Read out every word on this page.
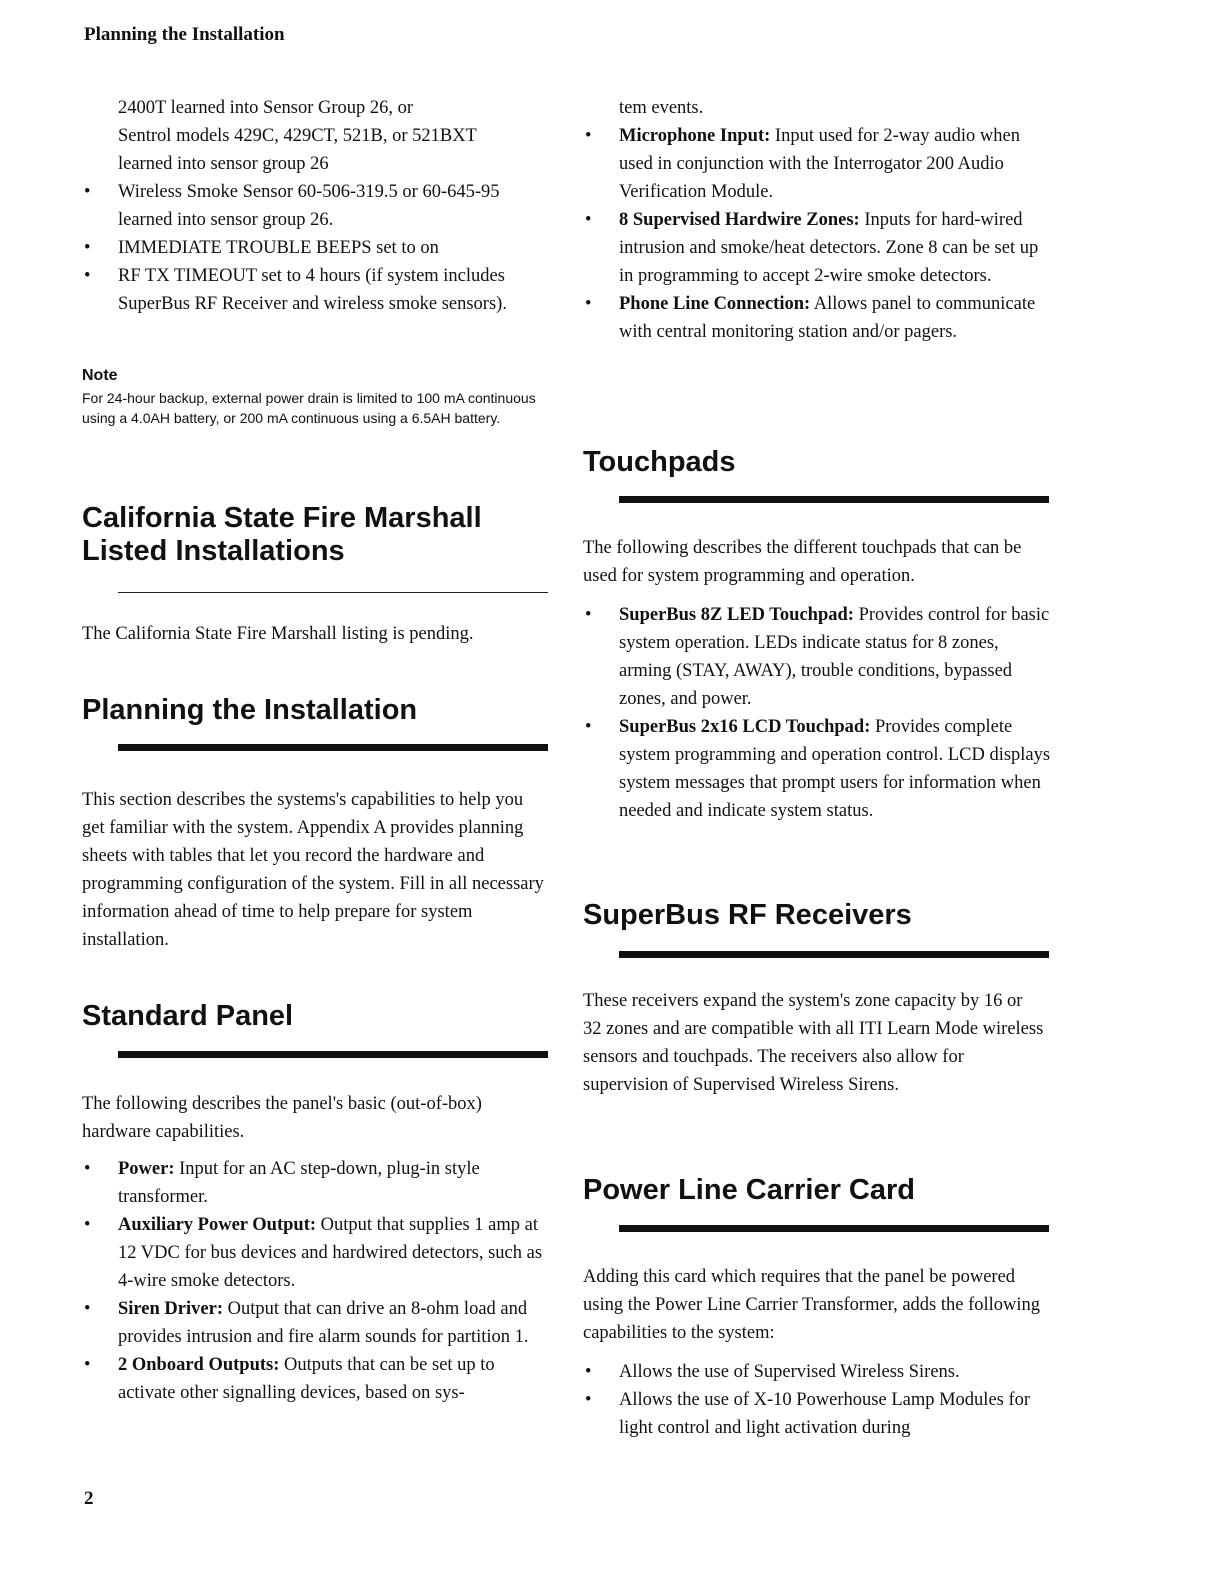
Planning the Installation
2400T learned into Sensor Group 26, or
Sentrol models 429C, 429CT, 521B, or 521BXT
learned into sensor group 26
• Wireless Smoke Sensor 60-506-319.5 or 60-645-95 learned into sensor group 26.
• IMMEDIATE TROUBLE BEEPS set to on
• RF TX TIMEOUT set to 4 hours (if system includes SuperBus RF Receiver and wireless smoke sensors).
Note
For 24-hour backup, external power drain is limited to 100 mA continuous using a 4.0AH battery, or 200 mA continuous using a 6.5AH battery.
California State Fire Marshall
Listed Installations

The California State Fire Marshall listing is pending.

Planning the Installation

This section describes the systems's capabilities to help you get familiar with the system. Appendix A provides planning sheets with tables that let you record the hardware and programming configuration of the system. Fill in all necessary information ahead of time to help prepare for system installation.

Standard Panel

The following describes the panel's basic (out-of-box) hardware capabilities.

• Power: Input for an AC step-down, plug-in style transformer.
• Auxiliary Power Output: Output that supplies 1 amp at 12 VDC for bus devices and hardwired detectors, such as 4-wire smoke detectors.
• Siren Driver: Output that can drive an 8-ohm load and provides intrusion and fire alarm sounds for partition 1.
• 2 Onboard Outputs: Outputs that can be set up to activate other signalling devices, based on sys-
tem events.
• Microphone Input: Input used for 2-way audio when used in conjunction with the Interrogator 200 Audio Verification Module.
• 8 Supervised Hardwire Zones: Inputs for hard-wired intrusion and smoke/heat detectors. Zone 8 can be set up in programming to accept 2-wire smoke detectors.
• Phone Line Connection: Allows panel to communicate with central monitoring station and/or pagers.
Touchpads

The following describes the different touchpads that can be used for system programming and operation.

• SuperBus 8Z LED Touchpad: Provides control for basic system operation. LEDs indicate status for 8 zones, arming (STAY, AWAY), trouble conditions, bypassed zones, and power.
• SuperBus 2x16 LCD Touchpad: Provides complete system programming and operation control. LCD displays system messages that prompt users for information when needed and indicate system status.
SuperBus RF Receivers

These receivers expand the system's zone capacity by 16 or 32 zones and are compatible with all ITI Learn Mode wireless sensors and touchpads. The receivers also allow for supervision of Supervised Wireless Sirens.

Power Line Carrier Card

Adding this card which requires that the panel be powered using the Power Line Carrier Transformer, adds the following capabilities to the system:

• Allows the use of Supervised Wireless Sirens.
• Allows the use of X-10 Powerhouse Lamp Modules for light control and light activation during
2
